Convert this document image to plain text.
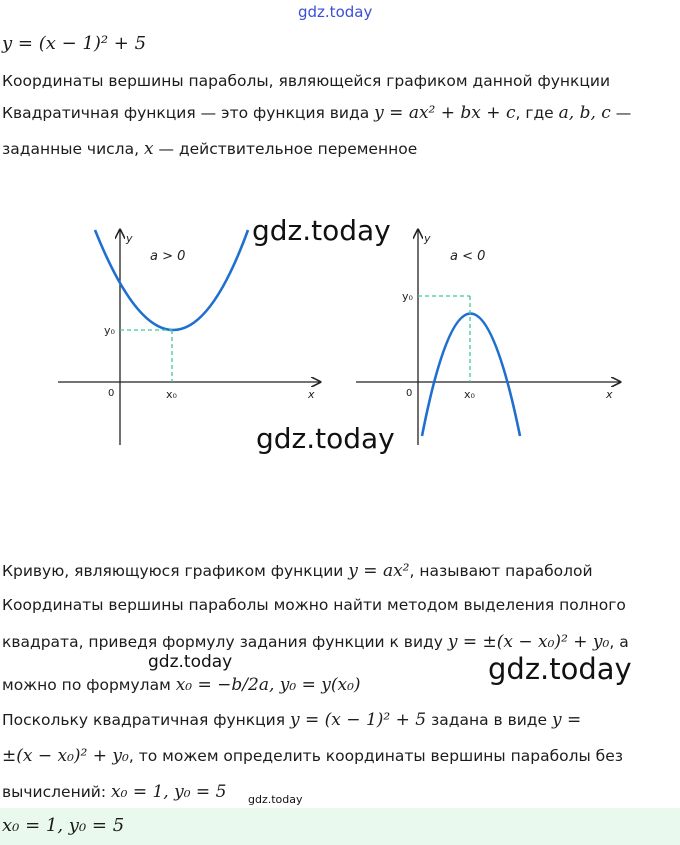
gdz.today
y = (x − 1)² + 5
Координаты вершины параболы, являющейся графиком данной функции
Квадратичная функция — это функция вида y = ax² + bx + c, где a, b, c —
заданные числа, x — действительное переменное
a > 0
y
x
0	x₀
y₀
a < 0
y
x
0	x₀
y₀
gdz.today
gdz.today
Кривую, являющуюся графиком функции y = ax², называют параболой
Координаты вершины параболы можно найти методом выделения полного
квадрата, приведя формулу задания функции к виду y = ±(x − x₀)² + y₀, а
gdz.today
можно по формулам x₀ = −b/2a, y₀ = y(x₀)	gdz.today
Поскольку квадратичная функция y = (x − 1)² + 5 задана в виде y =
±(x − x₀)² + y₀, то можем определить координаты вершины параболы без
вычислений: x₀ = 1, y₀ = 5 gdz.today
x₀ = 1, y₀ = 5
